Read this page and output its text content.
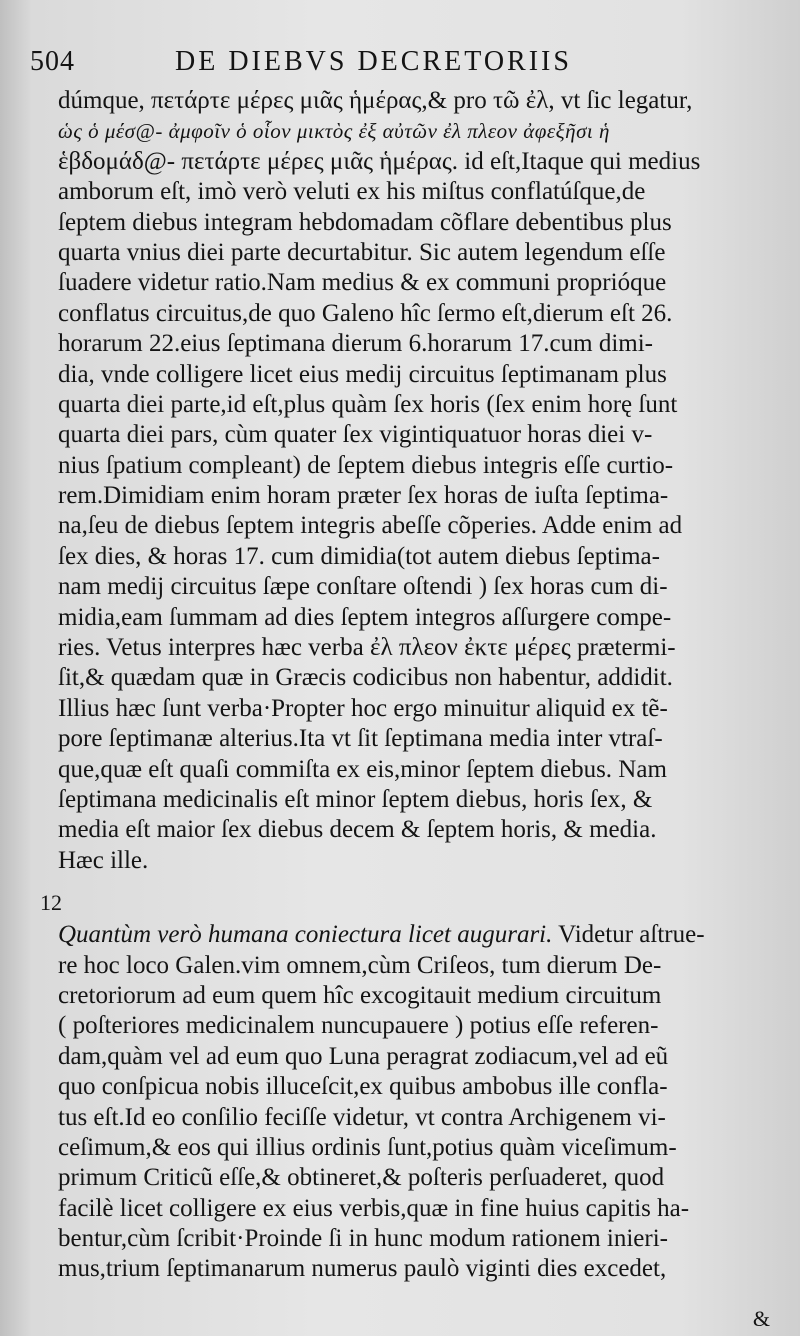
504	DE DIEBVS DECRETORIIS
dúmque, πετάρτε μέρες μιᾶς ἡμέρας,& pro τῶ ἐλ, vt ſic legatur,
ὡς ὁ μέσ@- ἀμφοῖν ὁ οἷον μικτὸς ἐξ αὐτῶν ἐλ πλεον ἀφεξῆσι ἡ
ἑβδομάδ@- πετάρτε μέρες μιᾶς ἡμέρας. id eſt,Itaque qui medius
amborum eſt, imò verò veluti ex his miſtus conflatúſque,de
ſeptem diebus integram hebdomadam cõflare debentibus plus
quarta vnius diei parte decurtabitur. Sic autem legendum eſſe
ſuadere videtur ratio.Nam medius & ex communi proprióque
conflatus circuitus,de quo Galeno hîc ſermo eſt,dierum eſt 26.
horarum 22.eius ſeptimana dierum 6.horarum 17.cum dimi-
dia, vnde colligere licet eius medij circuitus ſeptimanam plus
quarta diei parte,id eſt,plus quàm ſex horis (ſex enim horę ſunt
quarta diei pars, cùm quater ſex vigintiquatuor horas diei v-
nius ſpatium compleant) de ſeptem diebus integris eſſe curtio-
rem.Dimidiam enim horam præter ſex horas de iuſta ſeptima-
na,ſeu de diebus ſeptem integris abeſſe cõperies. Adde enim ad
ſex dies, & horas 17. cum dimidia(tot autem diebus ſeptima-
nam medij circuitus ſæpe conſtare oſtendi ) ſex horas cum di-
midia,eam ſummam ad dies ſeptem integros aſſurgere compe-
ries. Vetus interpres hæc verba ἐλ πλεον ἐκτε μέρες prætermi-
ſit,& quædam quæ in Græcis codicibus non habentur, addidit.
Illius hæc ſunt verba·Propter hoc ergo minuitur aliquid ex tẽ-
pore ſeptimanæ alterius.Ita vt ſit ſeptimana media inter vtraſ-
que,quæ eſt quaſi commiſta ex eis,minor ſeptem diebus. Nam
ſeptimana medicinalis eſt minor ſeptem diebus, horis ſex, &
media eſt maior ſex diebus decem & ſeptem horis, & media.
Hæc ille.
Quantùm verò humana coniectura licet augurari. Videtur aſtrue-
re hoc loco Galen.vim omnem,cùm Criſeos, tum dierum De-
cretoriorum ad eum quem hîc excogitauit medium circuitum
( poſteriores medicinalem nuncupauere ) potius eſſe referen-
dam,quàm vel ad eum quo Luna peragrat zodiacum,vel ad eũ
quo conſpicua nobis illuceſcit,ex quibus ambobus ille confla-
tus eſt.Id eo conſilio feciſſe videtur, vt contra Archigenem vi-
ceſimum,& eos qui illius ordinis ſunt,potius quàm viceſimum-
primum Criticũ eſſe,& obtineret,& poſteris perſuaderet, quod
facilè licet colligere ex eius verbis,quæ in fine huius capitis ha-
bentur,cùm ſcribit·Proinde ſi in hunc modum rationem inieri-
mus,trium ſeptimanarum numerus paulò viginti dies excedet,
12
&
